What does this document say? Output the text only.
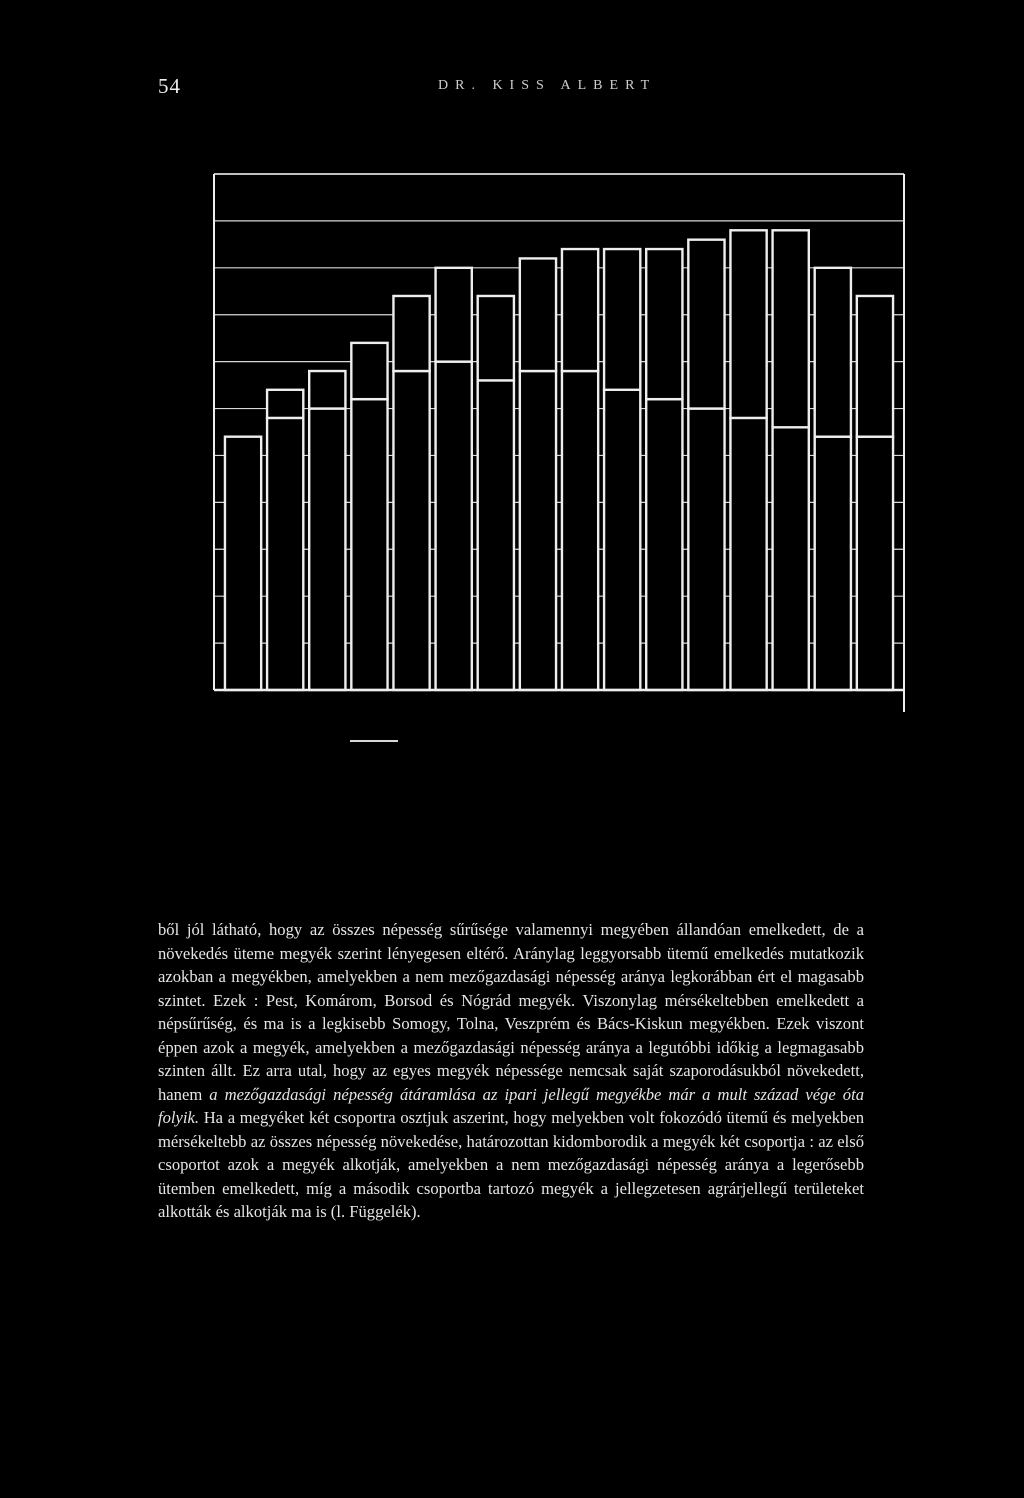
54	DR. KISS ALBERT

ből jól látható, hogy az összes népesség sűrűsége valamennyi megyében állandóan emelkedett, de a növekedés üteme megyék szerint lényegesen eltérő. Aránylag leggyorsabb ütemű emelkedés mutatkozik azokban a megyékben, amelyekben a nem mezőgazdasági népesség aránya legkorábban ért el magasabb szintet. Ezek : Pest, Komárom, Borsod és Nógrád megyék. Viszonylag mérsékeltebben emelkedett a népsűrűség, és ma is a legkisebb Somogy, Tolna, Veszprém és Bács-Kiskun megyékben. Ezek viszont éppen azok a megyék, amelyekben a mezőgazdasági népesség aránya a legutóbbi időkig a legmagasabb szinten állt. Ez arra utal, hogy az egyes megyék népessége nemcsak saját szaporodásukból növekedett, hanem a mezőgazdasági népesség átáramlása az ipari jellegű megyékbe már a mult század vége óta folyik. Ha a megyéket két csoportra osztjuk aszerint, hogy melyekben volt fokozódó ütemű és melyekben mérsékeltebb az összes népesség növekedése, határozottan kidomborodik a megyék két csoportja : az első csoportot azok a megyék alkotják, amelyekben a nem mezőgazdasági népesség aránya a legerősebb ütemben emelkedett, míg a második csoportba tartozó megyék a jellegzetesen agrárjellegű területeket alkották és alkotják ma is (l. Függelék).
